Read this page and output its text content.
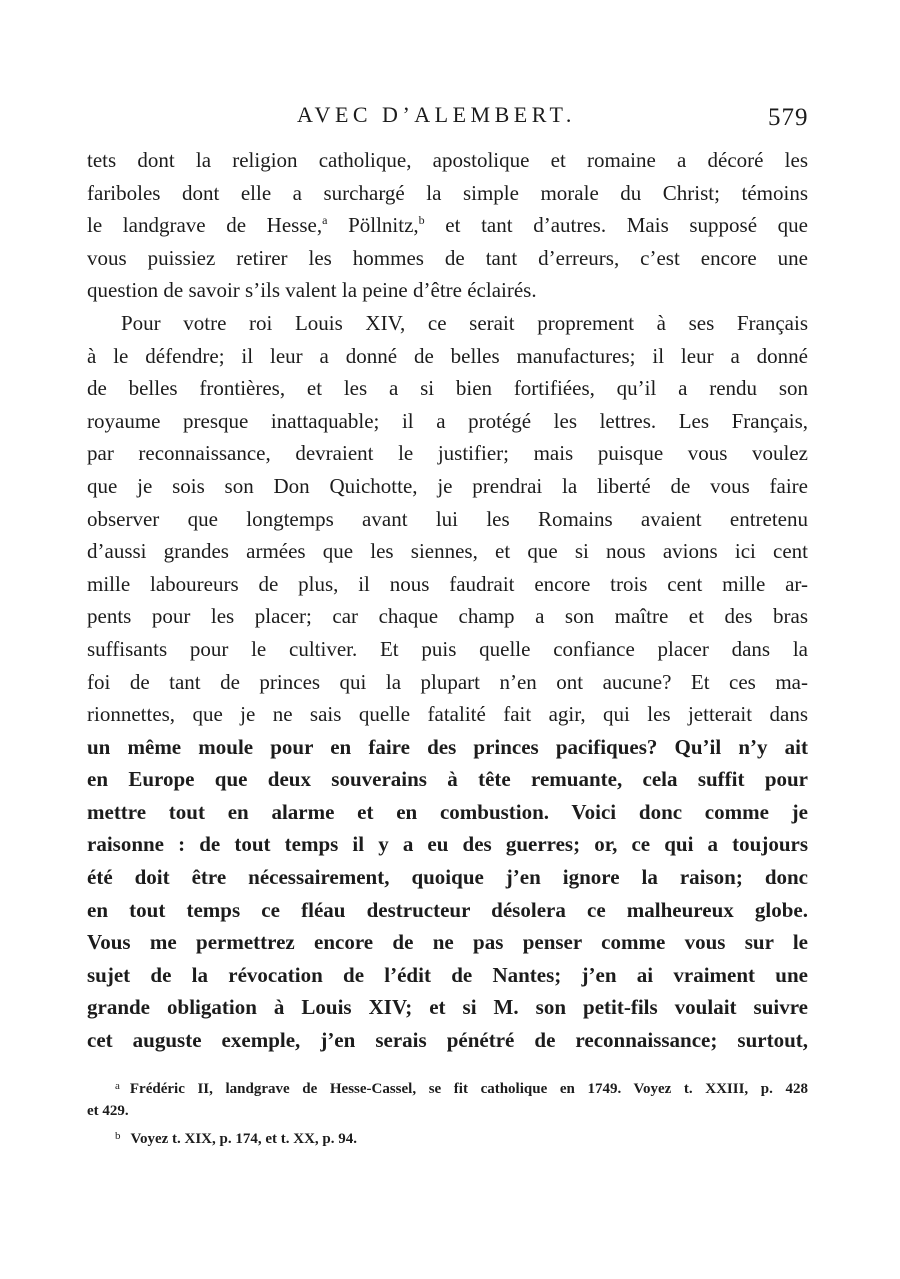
AVEC D’ALEMBERT.	579
tets dont la religion catholique, apostolique et romaine a décoré les
fariboles dont elle a surchargé la simple morale du Christ; témoins
le landgrave de Hesse,$^a$ Pöllnitz,$^b$ et tant d’autres. Mais supposé que
vous puissiez retirer les hommes de tant d’erreurs, c’est encore une
question de savoir s’ils valent la peine d’être éclairés.
Pour votre roi Louis XIV, ce serait proprement à ses Français
à le défendre; il leur a donné de belles manufactures; il leur a donné
de belles frontières, et les a si bien fortifiées, qu’il a rendu son
royaume presque inattaquable; il a protégé les lettres. Les Français,
par reconnaissance, devraient le justifier; mais puisque vous voulez
que je sois son Don Quichotte, je prendrai la liberté de vous faire
observer que longtemps avant lui les Romains avaient entretenu
d’aussi grandes armées que les siennes, et que si nous avions ici cent
mille laboureurs de plus, il nous faudrait encore trois cent mille ar-
pents pour les placer; car chaque champ a son maître et des bras
suffisants pour le cultiver. Et puis quelle confiance placer dans la
foi de tant de princes qui la plupart n’en ont aucune? Et ces ma-
rionnettes, que je ne sais quelle fatalité fait agir, qui les jetterait dans
un même moule pour en faire des princes pacifiques? Qu’il n’y ait
en Europe que deux souverains à tête remuante, cela suffit pour
mettre tout en alarme et en combustion. Voici donc comme je
raisonne : de tout temps il y a eu des guerres; or, ce qui a toujours
été doit être nécessairement, quoique j’en ignore la raison; donc
en tout temps ce fléau destructeur désolera ce malheureux globe.
Vous me permettrez encore de ne pas penser comme vous sur le
sujet de la révocation de l’édit de Nantes; j’en ai vraiment une
grande obligation à Louis XIV; et si M. son petit-fils voulait suivre
cet auguste exemple, j’en serais pénétré de reconnaissance; surtout,
$^a$ Frédéric II, landgrave de Hesse-Cassel, se fit catholique en 1749. Voyez t. XXIII, p. 428
et 429.
$^b$ Voyez t. XIX, p. 174, et t. XX, p. 94.
